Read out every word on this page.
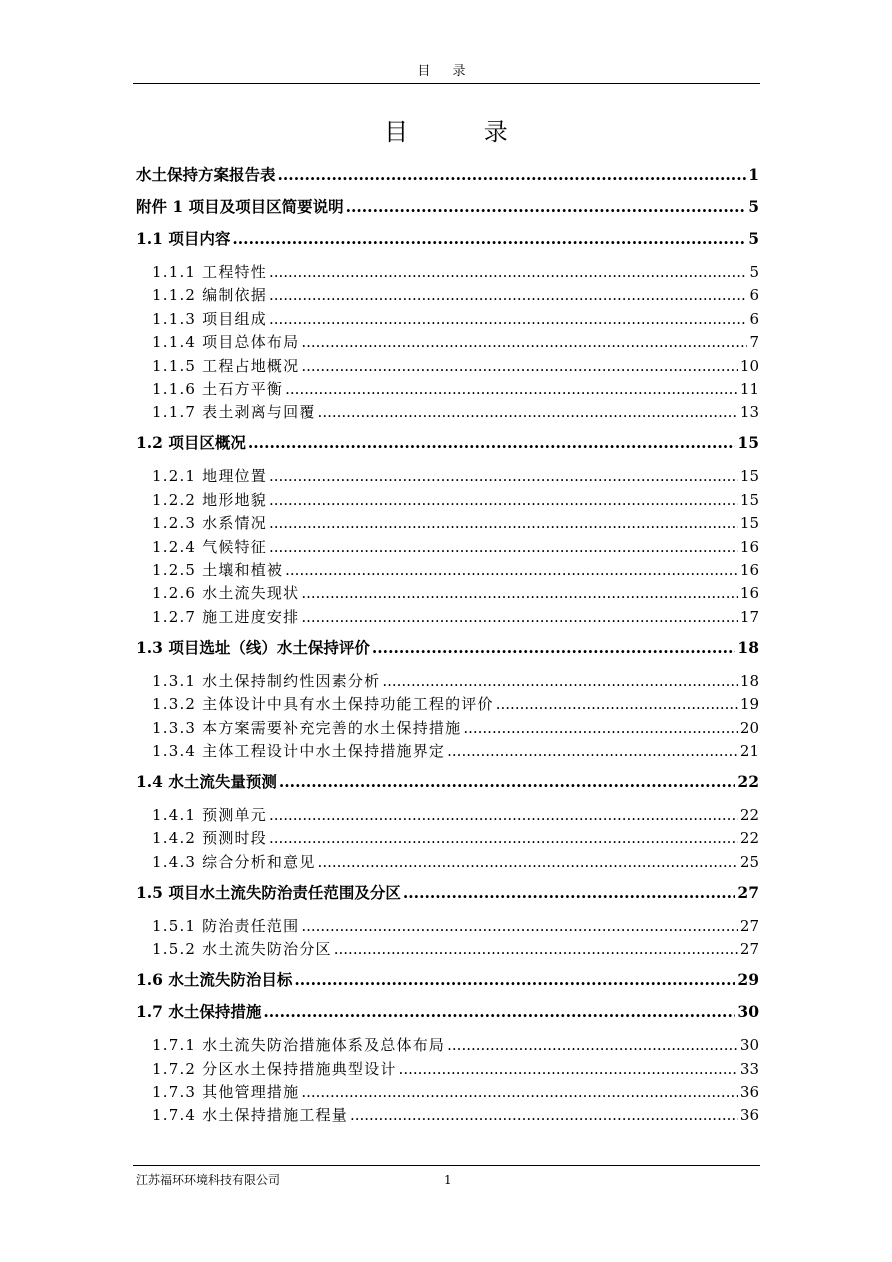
目 录
目 录
水土保持方案报告表 .....	1
附件 1 项目及项目区简要说明 .....	5
1.1 项目内容 .....	5
1.1.1 工程特性 .....	5
1.1.2 编制依据 .....	6
1.1.3 项目组成 .....	6
1.1.4 项目总体布局 .....	7
1.1.5 工程占地概况 .....	10
1.1.6 土石方平衡 .....	11
1.1.7 表土剥离与回覆 .....	13
1.2 项目区概况 .....	15
1.2.1 地理位置 .....	15
1.2.2 地形地貌 .....	15
1.2.3 水系情况 .....	15
1.2.4 气候特征 .....	16
1.2.5 土壤和植被 .....	16
1.2.6 水土流失现状 .....	16
1.2.7 施工进度安排 .....	17
1.3 项目选址（线）水土保持评价 .....	18
1.3.1 水土保持制约性因素分析 .....	18
1.3.2 主体设计中具有水土保持功能工程的评价 .....	19
1.3.3 本方案需要补充完善的水土保持措施 .....	20
1.3.4 主体工程设计中水土保持措施界定 .....	21
1.4 水土流失量预测 .....	22
1.4.1 预测单元 .....	22
1.4.2 预测时段 .....	22
1.4.3 综合分析和意见 .....	25
1.5 项目水土流失防治责任范围及分区 .....	27
1.5.1 防治责任范围 .....	27
1.5.2 水土流失防治分区 .....	27
1.6 水土流失防治目标 .....	29
1.7 水土保持措施 .....	30
1.7.1 水土流失防治措施体系及总体布局 .....	30
1.7.2 分区水土保持措施典型设计 .....	33
1.7.3 其他管理措施 .....	36
1.7.4 水土保持措施工程量 .....	36
江苏福环环境科技有限公司	1
